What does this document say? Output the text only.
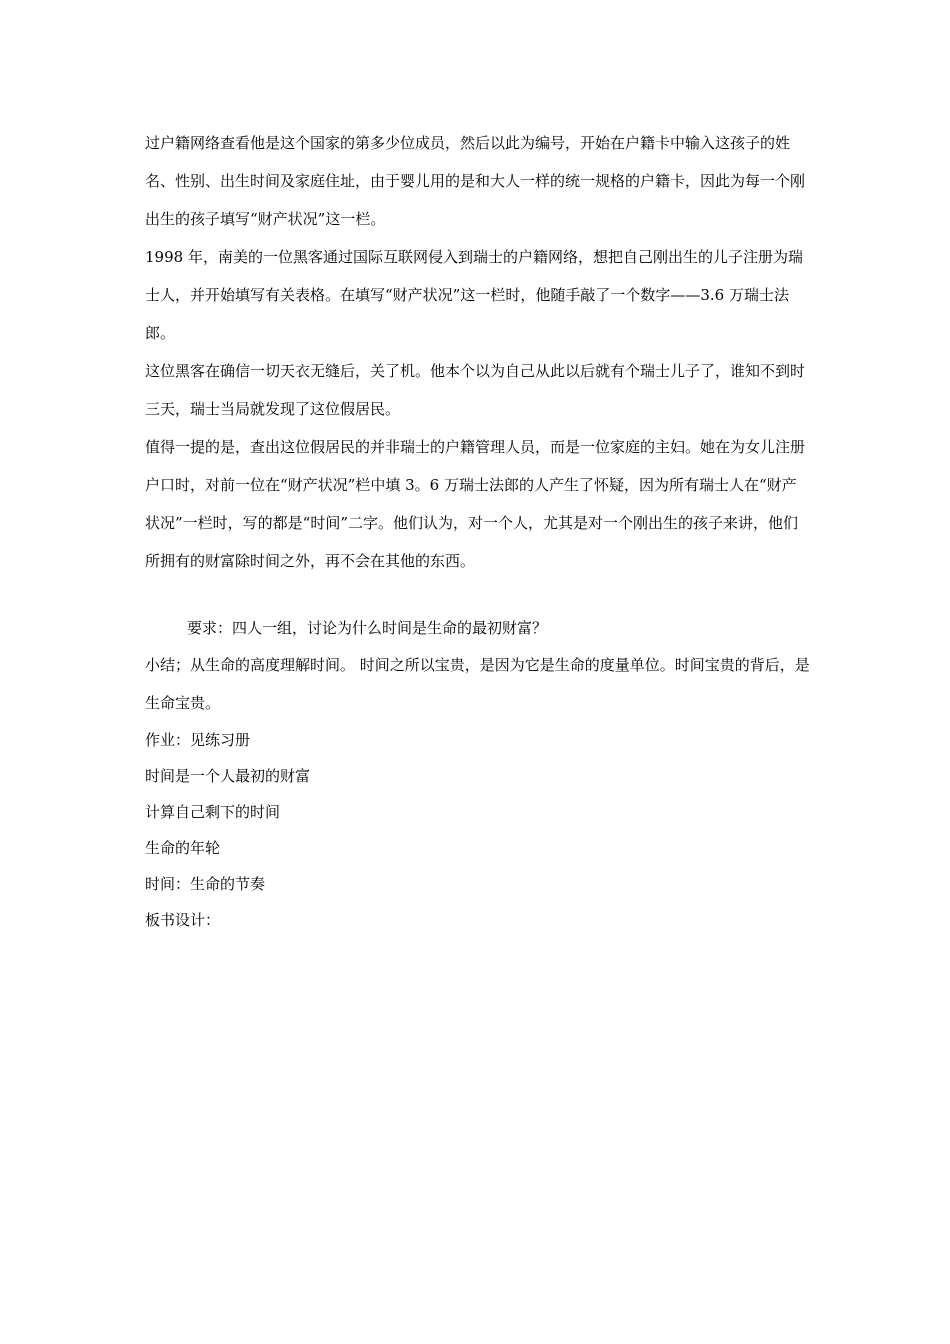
过户籍网络查看他是这个国家的第多少位成员，然后以此为编号，开始在户籍卡中输入这孩子的姓名、性别、出生时间及家庭住址，由于婴儿用的是和大人一样的统一规格的户籍卡，因此为每一个刚出生的孩子填写“财产状况”这一栏。

1998 年，南美的一位黑客通过国际互联网侵入到瑞士的户籍网络，想把自己刚出生的儿子注册为瑞士人，并开始填写有关表格。在填写“财产状况”这一栏时，他随手敲了一个数字——3.6 万瑞士法郎。

这位黑客在确信一切天衣无缝后，关了机。他本个以为自己从此以后就有个瑞士儿子了，谁知不到时三天，瑞士当局就发现了这位假居民。

值得一提的是，查出这位假居民的并非瑞士的户籍管理人员，而是一位家庭的主妇。她在为女儿注册户口时，对前一位在“财产状况”栏中填 3。6 万瑞士法郎的人产生了怀疑，因为所有瑞士人在“财产状况”一栏时，写的都是“时间”二字。他们认为，对一个人，尤其是对一个刚出生的孩子来讲，他们所拥有的财富除时间之外，再不会在其他的东西。

要求：四人一组，讨论为什么时间是生命的最初财富？

小结；从生命的高度理解时间。 时间之所以宝贵，是因为它是生命的度量单位。时间宝贵的背后，是生命宝贵。

作业：见练习册

时间是一个人最初的财富

计算自己剩下的时间

生命的年轮

时间：生命的节奏

板书设计：
